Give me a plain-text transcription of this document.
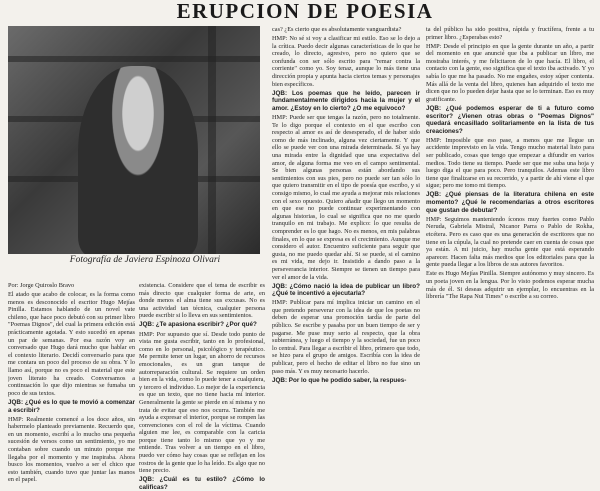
ERUPCION DE POESIA
Fotografía de Javiera Espinoza Olivari

Por: Jorge Quiroslo Bravo

El atado que acabo de colocar, es la forma como menos es desconocido el escritor Hugo Mejías Pinilla. Estamos hablando de un novel vate chileno, que hace poco debutó con su primer libro "Poemas Dignos", del cual la primera edición está prácticamente agotada. Y esto sucedió en apenas un par de semanas. Por esa razón voy an conversado que Hugo dará mucho que hablar en el contexto literario. Decidí conversarlo para que me contara un poco del proceso de su obra. Y lo llamo así, porque no es poco el material que este joven literato ha creado. Conversamos a continuación lo que dijo mientras se fumaba un poco de sus textos.

JQB: ¿Qué es lo que te movió a comenzar a escribir?

HMP: Realmente comencé a los doce años, sin habermelo planteado previamente. Recuerdo que, en un momento, escribí a lo mucho una pequeña sucesión de versos como un sentimiento, yo me contaban sobre cuando un minuto porque me llegaba por el momento y me inspiraba. Ahora busco los momentos, vuelvo a ser el chico que esto también, cuando tuvo que juntar las manos en el papel.

existencia. Considere que el tema de escribir es más directo que cualquier forma de arte, en donde menos el alma tiene sus excusas. No es una actividad tan técnica, cualquier persona puede escribir si lo lleva en sus sentimientos.

JQB: ¿Te apasiona escribir? ¿Por qué?

HMP: Por supuesto que sí. Desde todo punto de vista me gusta escribir, tanto en lo profesional, como en lo personal, psicológico y terapéutico. Me permite tener un lugar, un ahorro de recursos emocionales, es un gran tanque de autorreparación cultural. Se requiere un orden bien en la vida, como lo puede tener a cualquiera, y tercero el individuo. Lo mejor de la experiencia es que un texto, que no tiene hacia mí interior. Generalmente la gente se pierde en sí misma y no trata de evitar que eso nos ocurra. También me ayuda a expresar el interior, porque se rompen las convenciones con el rol de la víctima. Cuando alguien me lee, es comparable con la caricia porque tiene tanto lo mismo que yo y me entiende. Tras volver a un tiempo en el libro, puedo ver cómo hay cosas que se reflejan en los rostros de la gente que lo ha leído. Es algo que no tiene precio.

JQB: ¿Cuál es tu estilo? ¿Cómo lo calificas?

cas? ¿Es cierto que es absolutamente vanguardista?

HMP: No sé si voy a clasificar mi estilo. Eso se lo dejo a la crítica. Puedo decir algunas características de lo que he creado, lo directo, agresivo, pero no quiero que se confunda con ser sólo escrito para "remar contra la corriente" como yo. Soy tenaz, aunque lo más tiene una dirección propia y apunta hacia ciertos temas y personajes bien específicos.

JQB: Los poemas que he leído, parecen ir fundamentalmente dirigidos hacia la mujer y el amor. ¿Estoy en lo cierto? ¿O me equivoco?

HMP: Puede ser que tengas la razón, pero no totalmente. Te lo digo porque el contexto en el que escribo con respecto al amor es así de desesperado, el de haber sido como de más inclinado, alguna vez ciertamente. Y que ello se puede ver con una mirada determinada. Sí ya hay una mirada entre la dignidad que una expectativa del amor, de alguna forma me veo en el campo sentimental. Se bien algunas personas están abordando sus sentimientos con sus pies, pero no puede ser tan sólo lo que quiero transmitir en el tipo de poesía que escribo, y si consigo mismo, lo cual me ayuda a mejorar mis relaciones con el sexo opuesto. Quiero añadir que llego un momento en que ese no puede continuar experimentando con algunas historias, lo cual se significa que no me quedo tranquilo en mi trabajo. Me explico: lo que resulta de comprender es lo que hago. No es menos, en mis palabras finales, en lo que se expresa es el crecimiento. Aunque me considero el autor. Encuentro suficiente para seguir que gusta, no me puedo quedar ahí. Si se puede, si el camino es mi vida, me dejo ir. Insistido a dando paso a la perseverancia interior. Siempre se tienen un tiempo para ver el amor de la vida.

JQB: ¿Cómo nació la idea de publicar un libro? ¿Qué te incentivó a ejecutarla?

HMP: Publicar para mí implica iniciar un camino en el que pretendo perseverar con la idea de que los poetas no deben de esperar una promoción tardía de parte del público. Se escribe y pasaba por un buen tiempo de ser y pagarse. Me puse muy serio al respecto, que la obra subterránea, y luego el tiempo y la sociedad, fue un poco lo central. Para llegar a escribir el libro, primero que todo, se hizo para el grupo de amigos. Escribía con la idea de publicar, pero el hecho de editar el libro no fue sino un paso más. Y es muy necesario hacerlo.

JQB: Por lo que he podido saber, la respues-

ta del público ha sido positiva, rápida y fructífera, frente a tu primer libro. ¿Esperabas esto?

HMP: Desde el principio en que la gente durante un año, a partir del momento en que anuncié que iba a publicar un libro, me mostraba interés, y me felicitaron de lo que hacía. El libro, el contacto con la gente, eso significa que el texto iba activado. Y yo sabía lo que me ha pasado. No me engañes, estoy súper contenta. Más allá de la venta del libro, quienes han adquirido el texto me dicen que no lo pueden dejar hasta que se lo terminan. Eso es muy gratificante.

JQB: ¿Qué podemos esperar de ti a futuro como escritor? ¿Vienen otras obras o "Poemas Dignos" quedará encasillado solitariamente en la lista de tus creaciones?

HMP: Imposible que eso pase, a menos que me llegue un accidente imprevisto en la vida. Tengo mucho material listo para ser publicado, cosas que tengo que empezar a difundir en varios medios. Todo tiene su tiempo. Puede ser que me suba una hoja y luego diga el que para poco. Pero tranquilos. Ademas este libro tiene que finalizarse en su recorrido, y a partir de ahí viene el que sigue; pero me tomo mi tiempo.

JQB: ¿Qué piensas de la literatura chilena en este momento? ¿Qué le recomendarías a otros escritores que gustan de debutar?

HMP: Seguimos manteniendo íconos muy fuertes como Pablo Neruda, Gabriela Mistral, Nicanor Parra o Pablo de Rokha, etcétera. Pero es caso que es una generación de escritores que no tiene en la cúpula, la cual no pretende caer en cuenta de cosas que ya están. A mi juicio, hay mucha gente que está esperando aparecer. Hacen falta más medios que los editoriales para que la gente pueda llegar a los libros de sus autores favoritos.

Este es Hugo Mejías Pinilla. Siempre autónomo y muy sincero. Es un poeta joven en la lengua. Por lo visto podemos esperar mucha más de él. Si deseas adquirir un ejemplar, lo encuentras en la librería "The Rapa Nui Times" o escribe a su correo.
